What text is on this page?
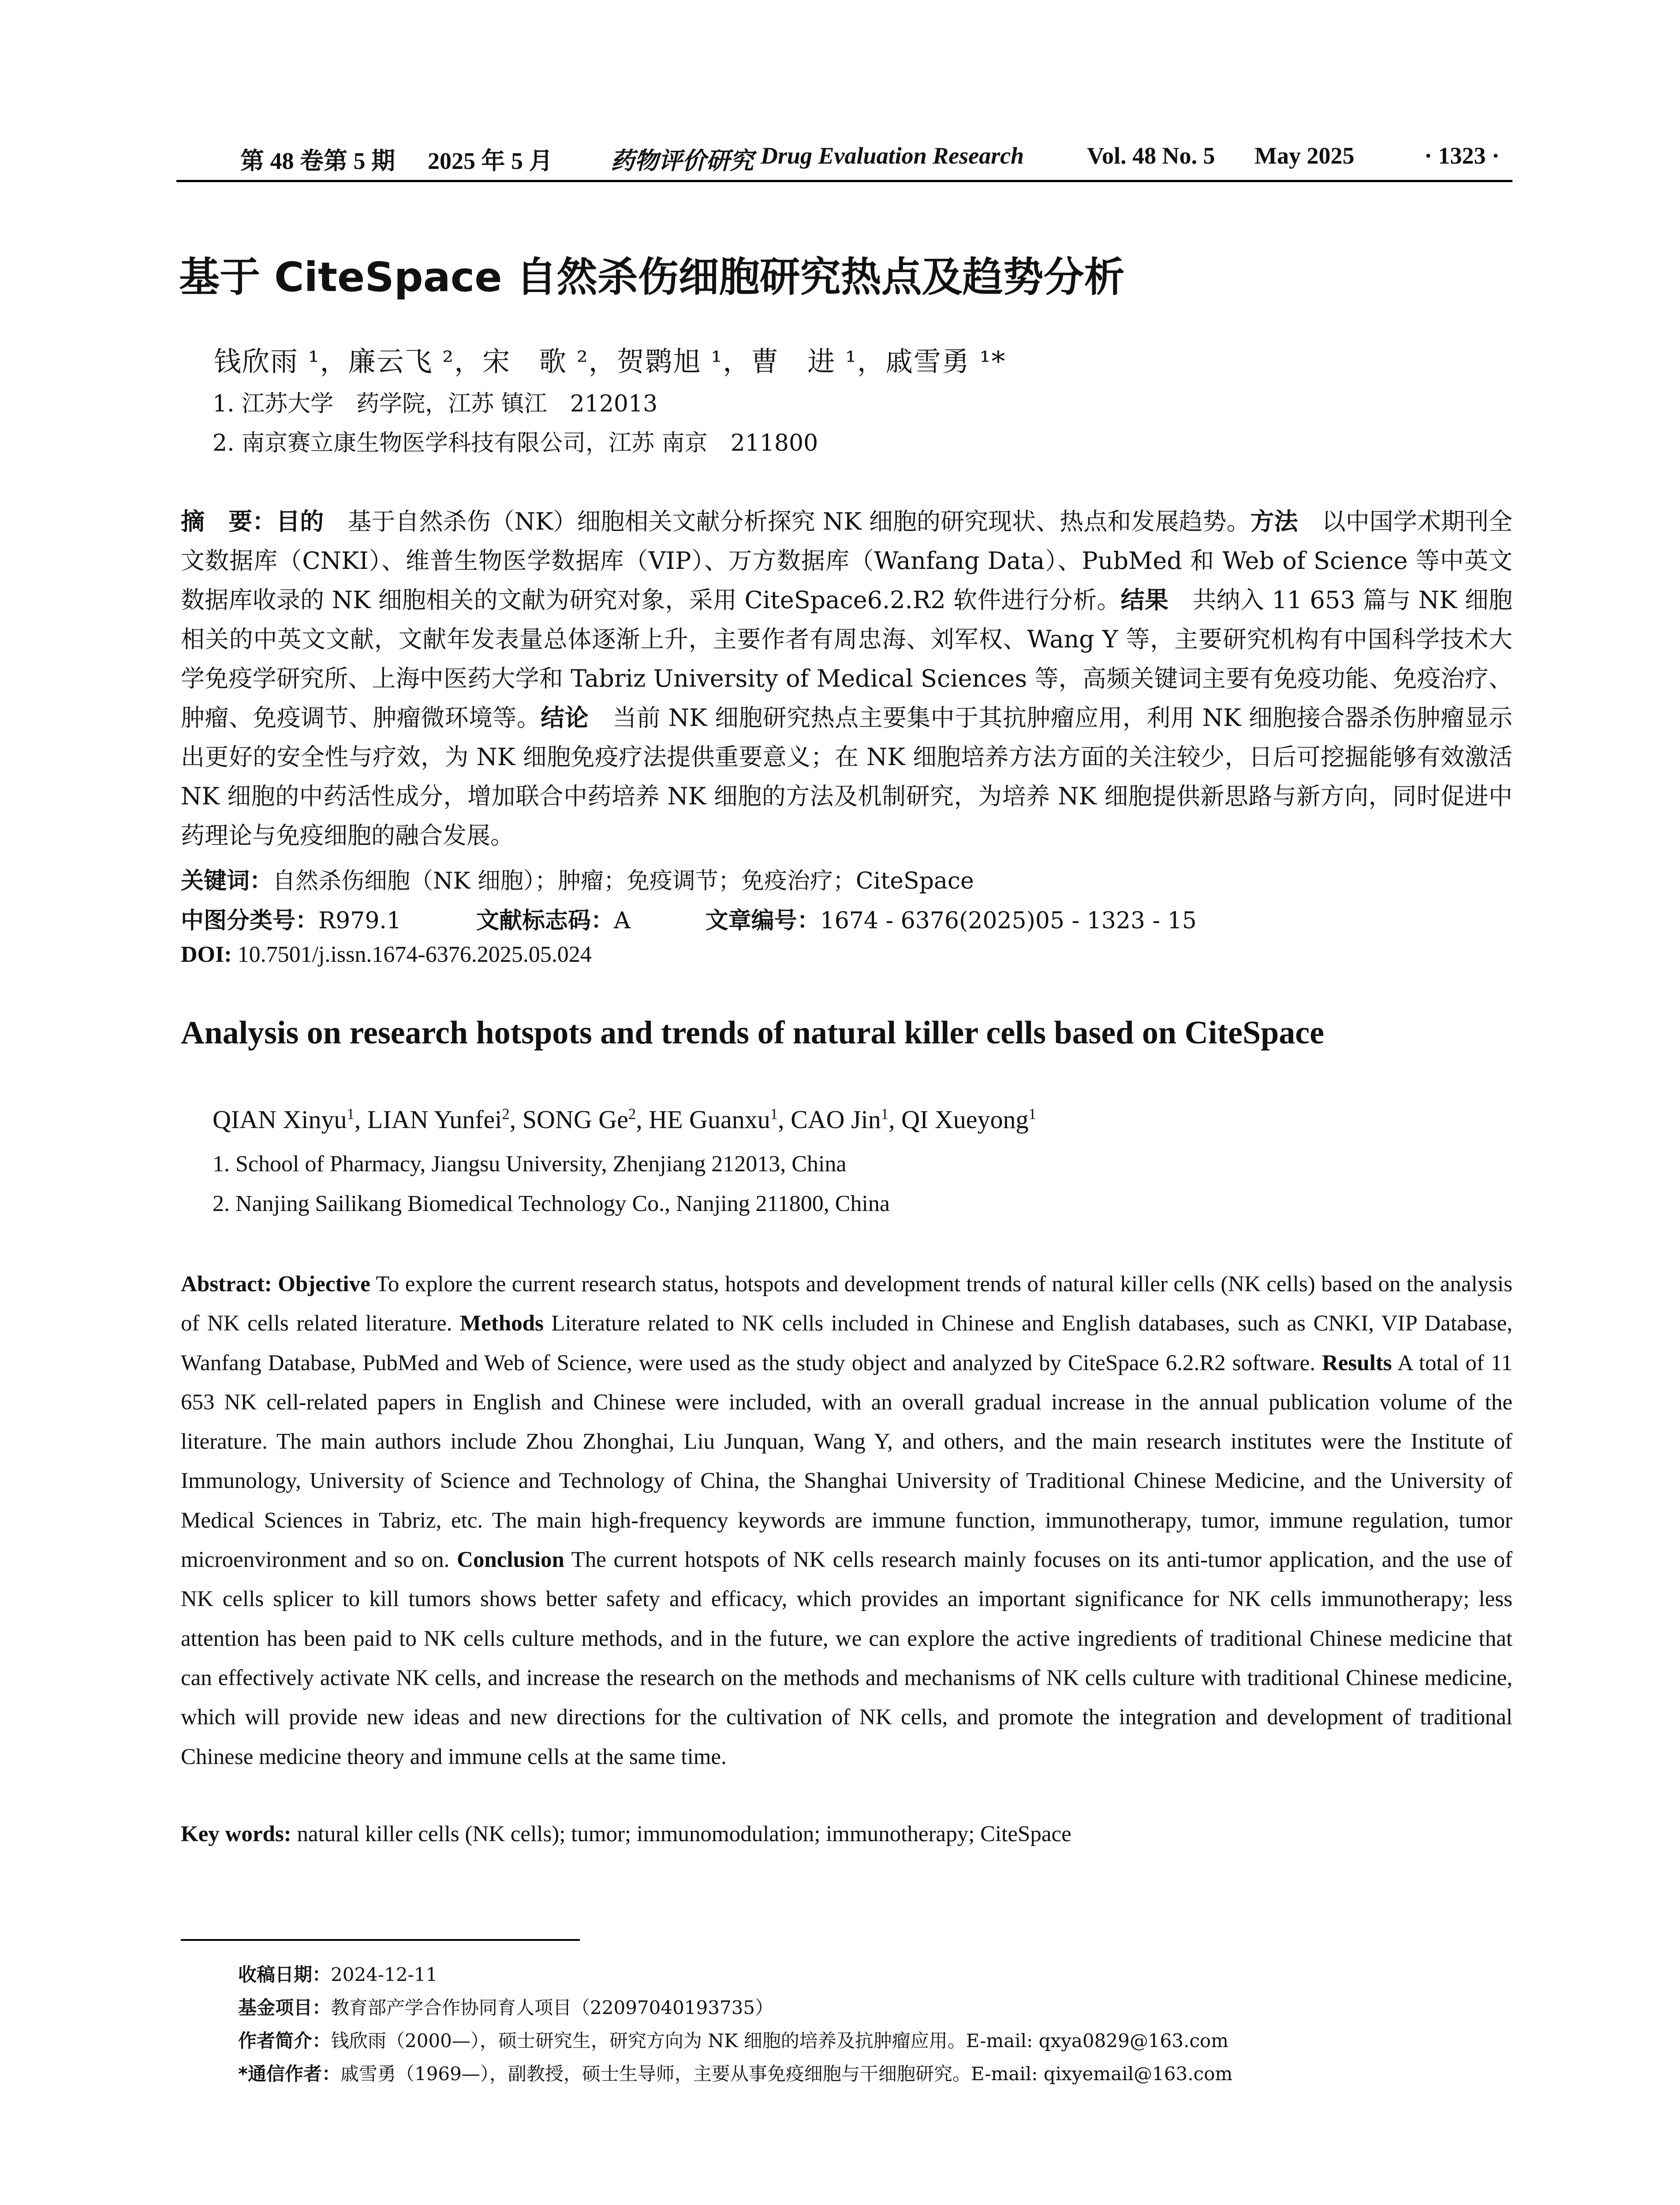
第 48 卷第 5 期 2025 年 5 月 药物评价研究 Drug Evaluation Research	Vol. 48 No. 5 May 2025	· 1323 ·
基于 CiteSpace 自然杀伤细胞研究热点及趋势分析
钱欣雨 ¹，廉云飞 ²，宋　歌 ²，贺鹮旭 ¹，曹　进 ¹，戚雪勇 ¹*
1. 江苏大学　药学院，江苏 镇江　212013
2. 南京赛立康生物医学科技有限公司，江苏 南京　211800
摘　要：目的　基于自然杀伤（NK）细胞相关文献分析探究 NK 细胞的研究现状、热点和发展趋势。方法　以中国学术期刊全文数据库（CNKI）、维普生物医学数据库（VIP）、万方数据库（Wanfang Data）、PubMed 和 Web of Science 等中英文数据库收录的 NK 细胞相关的文献为研究对象，采用 CiteSpace6.2.R2 软件进行分析。结果　共纳入 11 653 篇与 NK 细胞相关的中英文文献，文献年发表量总体逐渐上升，主要作者有周忠海、刘军权、Wang Y 等，主要研究机构有中国科学技术大学免疫学研究所、上海中医药大学和 Tabriz University of Medical Sciences 等，高频关键词主要有免疫功能、免疫治疗、肿瘤、免疫调节、肿瘤微环境等。结论　当前 NK 细胞研究热点主要集中于其抗肿瘤应用，利用 NK 细胞接合器杀伤肿瘤显示出更好的安全性与疗效，为 NK 细胞免疫疗法提供重要意义；在 NK 细胞培养方法方面的关注较少，日后可挖掘能够有效激活 NK 细胞的中药活性成分，增加联合中药培养 NK 细胞的方法及机制研究，为培养 NK 细胞提供新思路与新方向，同时促进中药理论与免疫细胞的融合发展。
关键词：自然杀伤细胞（NK 细胞）；肿瘤；免疫调节；免疫治疗；CiteSpace
中图分类号：R979.1	文献标志码：A	文章编号：1674 - 6376(2025)05 - 1323 - 15
DOI: 10.7501/j.issn.1674-6376.2025.05.024
Analysis on research hotspots and trends of natural killer cells based on CiteSpace
QIAN Xinyu$^1$, LIAN Yunfei$^2$, SONG Ge$^2$, HE Guanxu$^1$, CAO Jin$^1$, QI Xueyong$^1$
1. School of Pharmacy, Jiangsu University, Zhenjiang 212013, China
2. Nanjing Sailikang Biomedical Technology Co., Nanjing 211800, China
Abstract: Objective To explore the current research status, hotspots and development trends of natural killer cells (NK cells) based on the analysis of NK cells related literature. Methods Literature related to NK cells included in Chinese and English databases, such as CNKI, VIP Database, Wanfang Database, PubMed and Web of Science, were used as the study object and analyzed by CiteSpace 6.2.R2 software. Results A total of 11 653 NK cell-related papers in English and Chinese were included, with an overall gradual increase in the annual publication volume of the literature. The main authors include Zhou Zhonghai, Liu Junquan, Wang Y, and others, and the main research institutes were the Institute of Immunology, University of Science and Technology of China, the Shanghai University of Traditional Chinese Medicine, and the University of Medical Sciences in Tabriz, etc. The main high-frequency keywords are immune function, immunotherapy, tumor, immune regulation, tumor microenvironment and so on. Conclusion The current hotspots of NK cells research mainly focuses on its anti-tumor application, and the use of NK cells splicer to kill tumors shows better safety and efficacy, which provides an important significance for NK cells immunotherapy; less attention has been paid to NK cells culture methods, and in the future, we can explore the active ingredients of traditional Chinese medicine that can effectively activate NK cells, and increase the research on the methods and mechanisms of NK cells culture with traditional Chinese medicine, which will provide new ideas and new directions for the cultivation of NK cells, and promote the integration and development of traditional Chinese medicine theory and immune cells at the same time.
Key words: natural killer cells (NK cells); tumor; immunomodulation; immunotherapy; CiteSpace
收稿日期：2024-12-11
基金项目：教育部产学合作协同育人项目（22097040193735）
作者简介：钱欣雨（2000—），硕士研究生，研究方向为 NK 细胞的培养及抗肿瘤应用。E-mail: qxya0829@163.com
*通信作者：戚雪勇（1969—），副教授，硕士生导师，主要从事免疫细胞与干细胞研究。E-mail: qixyemail@163.com
